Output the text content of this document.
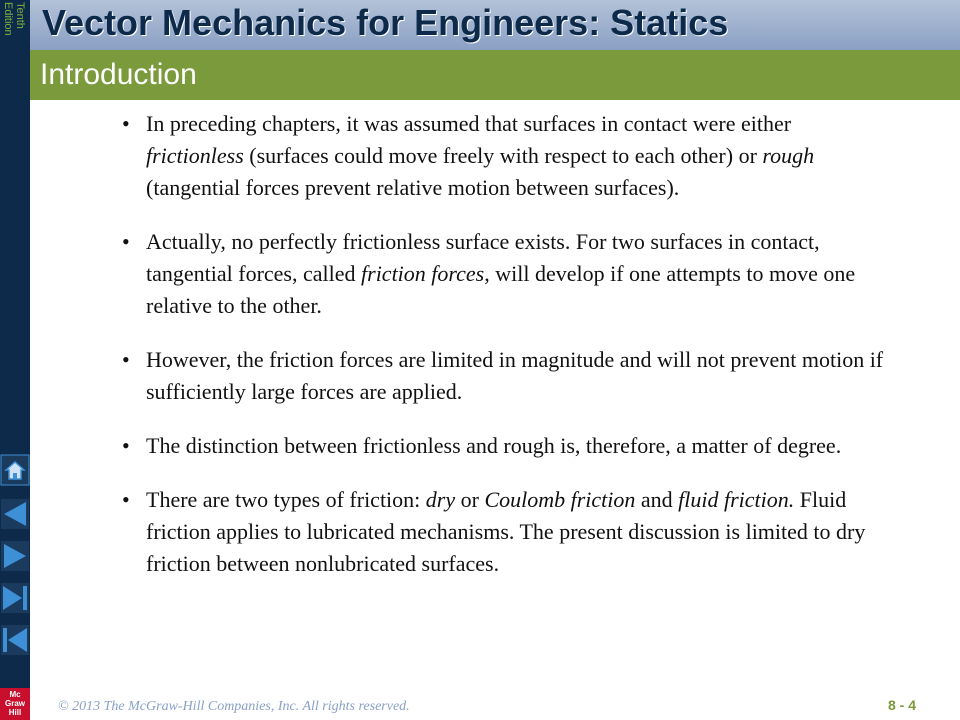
Tenth
Edition Vector Mechanics for Engineers: Statics
Introduction
• In preceding chapters, it was assumed that surfaces in contact were either frictionless (surfaces could move freely with respect to each other) or rough (tangential forces prevent relative motion between surfaces).
• Actually, no perfectly frictionless surface exists. For two surfaces in contact, tangential forces, called friction forces, will develop if one attempts to move one relative to the other.
• However, the friction forces are limited in magnitude and will not prevent motion if sufficiently large forces are applied.
• The distinction between frictionless and rough is, therefore, a matter of degree.
• There are two types of friction: dry or Coulomb friction and fluid friction. Fluid friction applies to lubricated mechanisms. The present discussion is limited to dry friction between nonlubricated surfaces.
Mc
Graw
Hill	© 2013 The McGraw-Hill Companies, Inc. All rights reserved.	8 - 4
